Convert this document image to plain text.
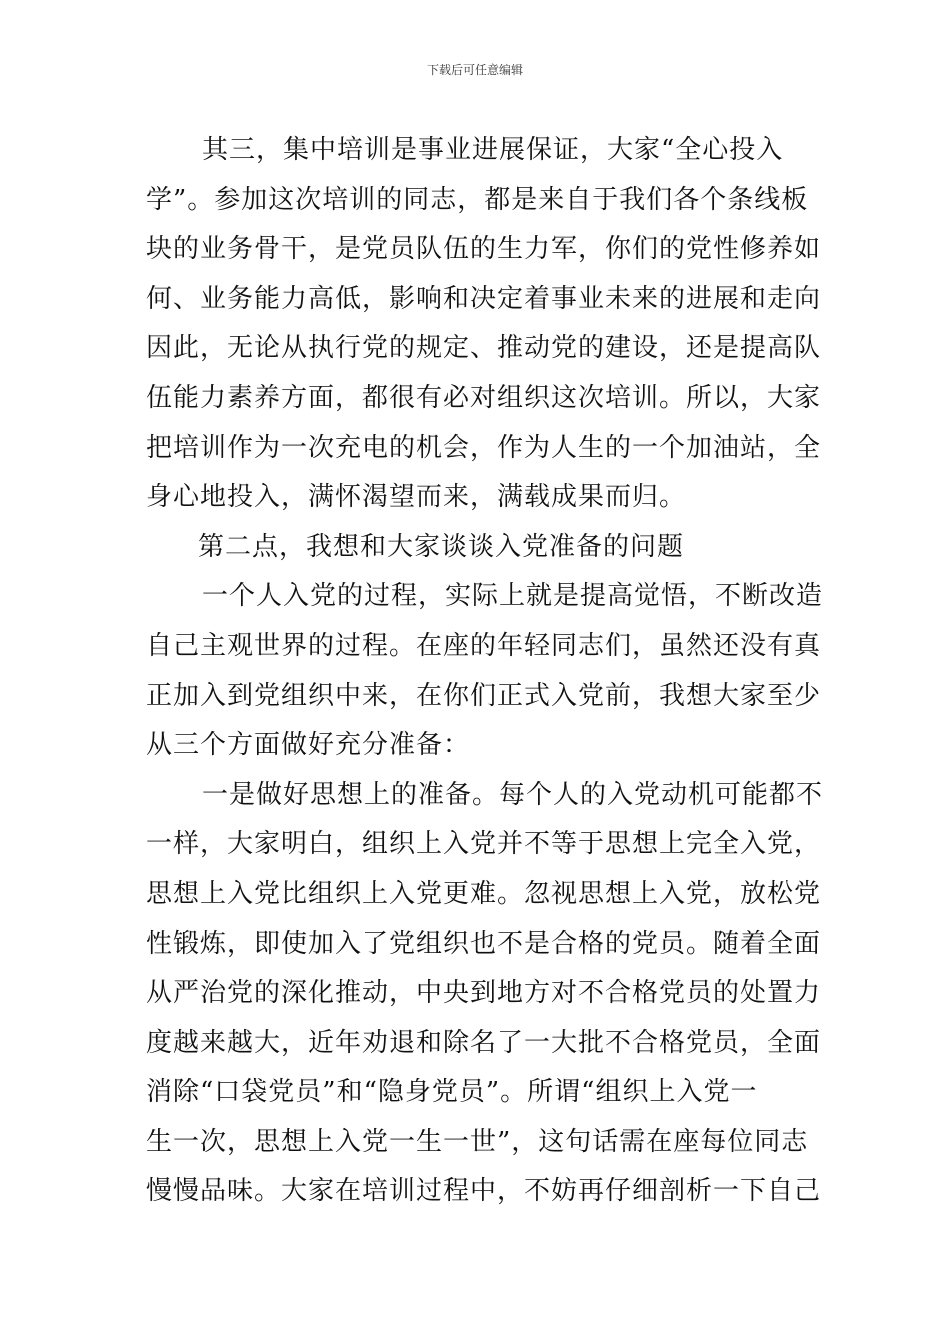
下载后可任意编辑
其三，集中培训是事业进展保证，大家“全心投入
学”。参加这次培训的同志，都是来自于我们各个条线板
块的业务骨干，是党员队伍的生力军，你们的党性修养如
何、业务能力高低，影响和决定着事业未来的进展和走向
因此，无论从执行党的规定、推动党的建设，还是提高队
伍能力素养方面，都很有必对组织这次培训。所以，大家
把培训作为一次充电的机会，作为人生的一个加油站，全
身心地投入，满怀渴望而来，满载成果而归。
第二点，我想和大家谈谈入党准备的问题
一个人入党的过程，实际上就是提高觉悟，不断改造
自己主观世界的过程。在座的年轻同志们，虽然还没有真
正加入到党组织中来，在你们正式入党前，我想大家至少
从三个方面做好充分准备：
一是做好思想上的准备。每个人的入党动机可能都不
一样，大家明白，组织上入党并不等于思想上完全入党，
思想上入党比组织上入党更难。忽视思想上入党，放松党
性锻炼，即使加入了党组织也不是合格的党员。随着全面
从严治党的深化推动，中央到地方对不合格党员的处置力
度越来越大，近年劝退和除名了一大批不合格党员，全面
消除“口袋党员”和“隐身党员”。所谓“组织上入党一
生一次，思想上入党一生一世”，这句话需在座每位同志
慢慢品味。大家在培训过程中，不妨再仔细剖析一下自己
